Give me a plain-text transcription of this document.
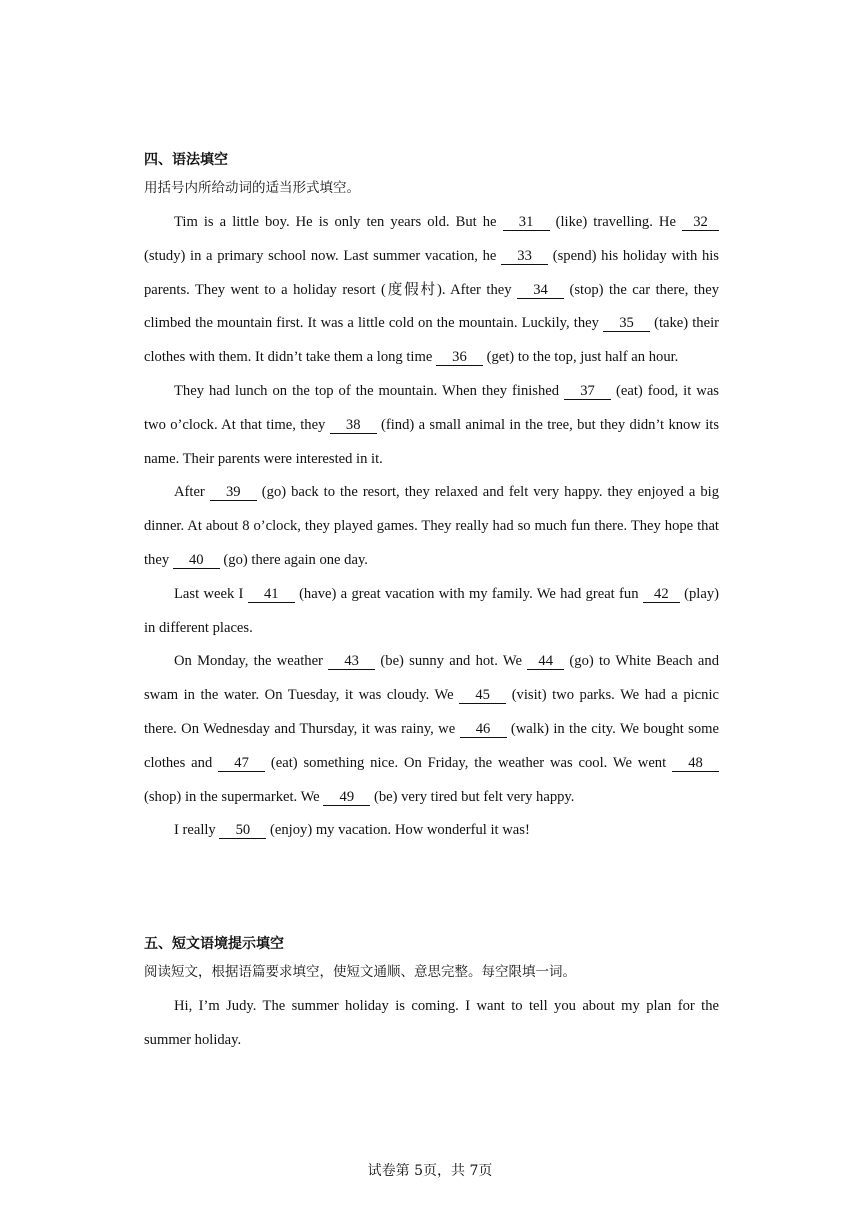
四、语法填空

用括号内所给动词的适当形式填空。

Tim is a little boy. He is only ten years old. But he 31 (like) travelling. He 32 (study) in a primary school now. Last summer vacation, he 33 (spend) his holiday with his parents. They went to a holiday resort (度假村). After they 34 (stop) the car there, they climbed the mountain first. It was a little cold on the mountain. Luckily, they 35 (take) their clothes with them. It didn’t take them a long time 36 (get) to the top, just half an hour.

They had lunch on the top of the mountain. When they finished 37 (eat) food, it was two o’clock. At that time, they 38 (find) a small animal in the tree, but they didn’t know its name. Their parents were interested in it.

After 39 (go) back to the resort, they relaxed and felt very happy. they enjoyed a big dinner. At about 8 o’clock, they played games. They really had so much fun there. They hope that they 40 (go) there again one day.

Last week I 41 (have) a great vacation with my family. We had great fun 42 (play) in different places.

On Monday, the weather 43 (be) sunny and hot. We 44 (go) to White Beach and swam in the water. On Tuesday, it was cloudy. We 45 (visit) two parks. We had a picnic there. On Wednesday and Thursday, it was rainy, we 46 (walk) in the city. We bought some clothes and 47 (eat) something nice. On Friday, the weather was cool. We went 48 (shop) in the supermarket. We 49 (be) very tired but felt very happy.

I really 50 (enjoy) my vacation. How wonderful it was!

五、短文语境提示填空

阅读短文，根据语篇要求填空，使短文通顺、意思完整。每空限填一词。

Hi, I’m Judy. The summer holiday is coming. I want to tell you about my plan for the summer holiday.

试卷第 5页，共 7页
